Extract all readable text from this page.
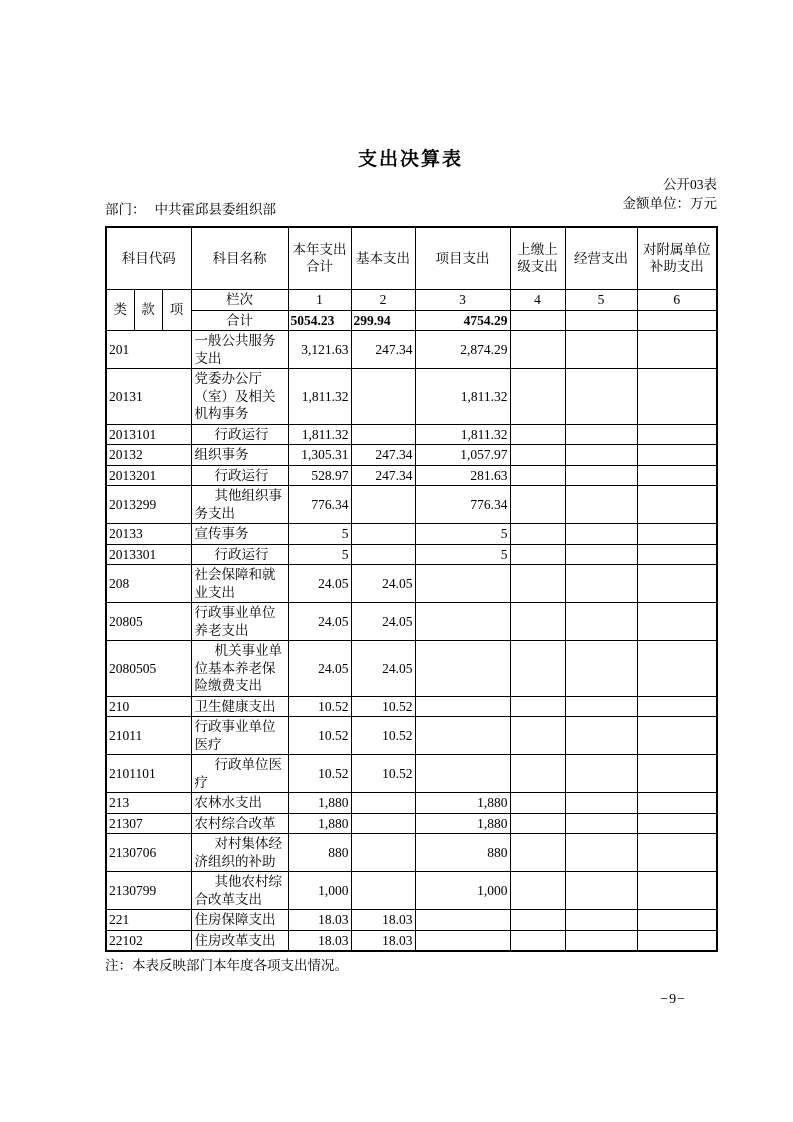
支出决算表
公开03表
金额单位：万元
部门： 中共霍邱县委组织部
科目代码			科目名称	本年支出合计	基本支出	项目支出	上缴上级支出	经营支出	对附属单位补助支出
类	款	项	栏次	1	2	3	4	5	6
			合计	5054.23	299.94	4754.29			
201			一般公共服务支出	3,121.63	247.34	2,874.29			
20131			党委办公厅（室）及相关机构事务	1,811.32		1,811.32			
2013101			行政运行	1,811.32		1,811.32			
20132			组织事务	1,305.31	247.34	1,057.97			
2013201			行政运行	528.97	247.34	281.63			
2013299			其他组织事务支出	776.34		776.34			
20133			宣传事务	5		5			
2013301			行政运行	5		5			
208			社会保障和就业支出	24.05	24.05				
20805			行政事业单位养老支出	24.05	24.05				
2080505			机关事业单位基本养老保险缴费支出	24.05	24.05				
210			卫生健康支出	10.52	10.52				
21011			行政事业单位医疗	10.52	10.52				
2101101			行政单位医疗	10.52	10.52				
213			农林水支出	1,880		1,880			
21307			农村综合改革	1,880		1,880			
2130706			对村集体经济组织的补助	880		880			
2130799			其他农村综合改革支出	1,000		1,000			
221			住房保障支出	18.03	18.03				
22102			住房改革支出	18.03	18.03				
注：本表反映部门本年度各项支出情况。
−9−
